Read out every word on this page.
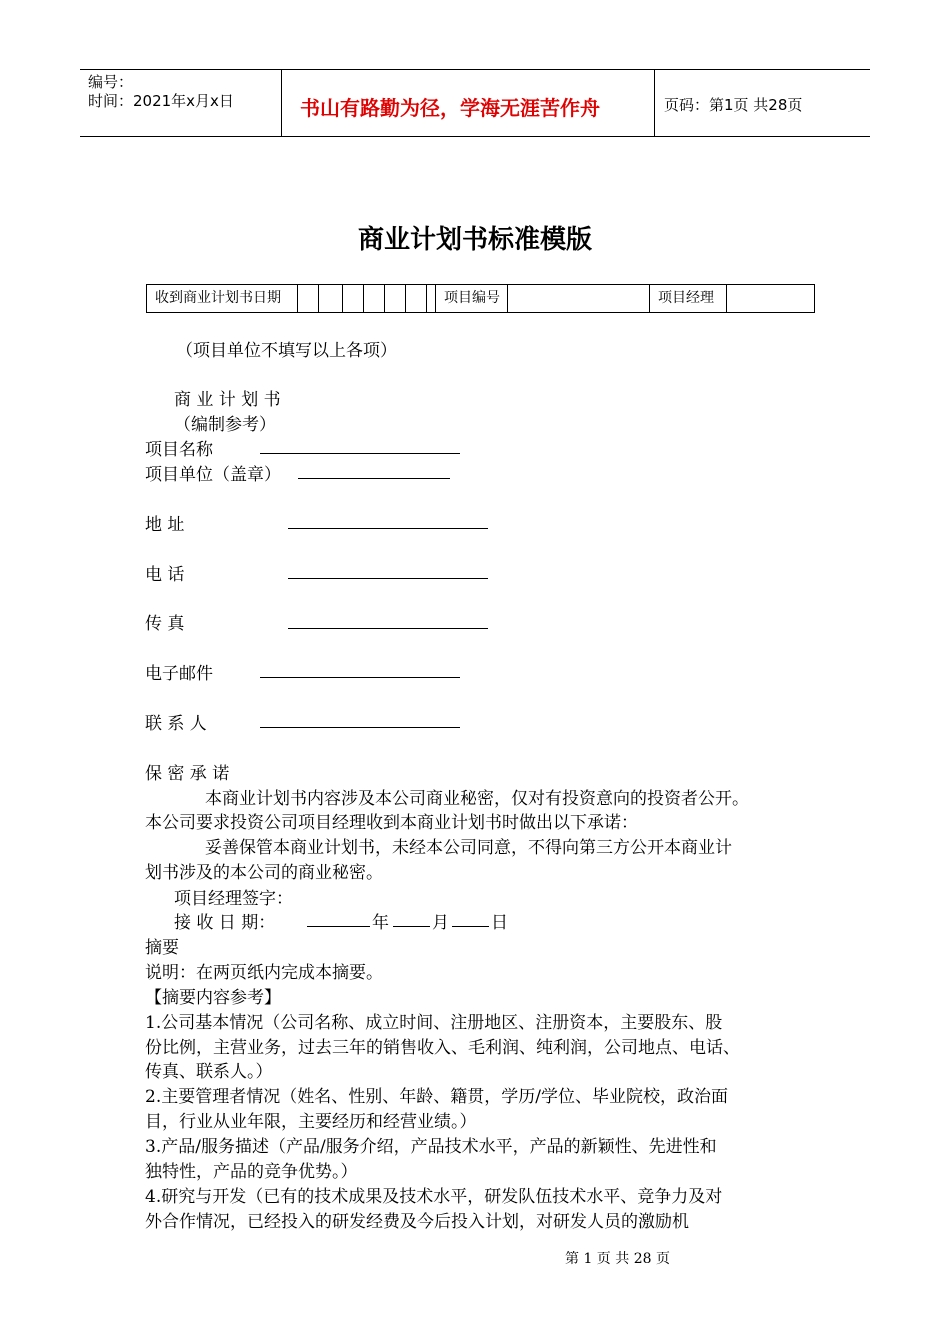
编号：
时间：2021年x月x日	书山有路勤为径，学海无涯苦作舟	页码：第1页 共28页
商业计划书标准模版
收到商业计划书日期	项目编号	项目经理
（项目单位不填写以上各项）
商 业 计 划 书
（编制参考）
项目名称
项目单位（盖章）
地 址
电 话
传 真
电子邮件
联 系 人
保 密 承 诺
本商业计划书内容涉及本公司商业秘密，仅对有投资意向的投资者公开。
本公司要求投资公司项目经理收到本商业计划书时做出以下承诺：
妥善保管本商业计划书，未经本公司同意，不得向第三方公开本商业计
划书涉及的本公司的商业秘密。
项目经理签字：
接 收 日 期：	年	月 日
摘要
说明：在两页纸内完成本摘要。
【摘要内容参考】
1.公司基本情况（公司名称、成立时间、注册地区、注册资本，主要股东、股
份比例，主营业务，过去三年的销售收入、毛利润、纯利润，公司地点、电话、
传真、联系人。）
2.主要管理者情况（姓名、性别、年龄、籍贯，学历/学位、毕业院校，政治面
目，行业从业年限，主要经历和经营业绩。）
3.产品/服务描述（产品/服务介绍，产品技术水平，产品的新颖性、先进性和
独特性，产品的竞争优势。）
4.研究与开发（已有的技术成果及技术水平，研发队伍技术水平、竞争力及对
外合作情况，已经投入的研发经费及今后投入计划，对研发人员的激励机
第 1 页 共 28 页
